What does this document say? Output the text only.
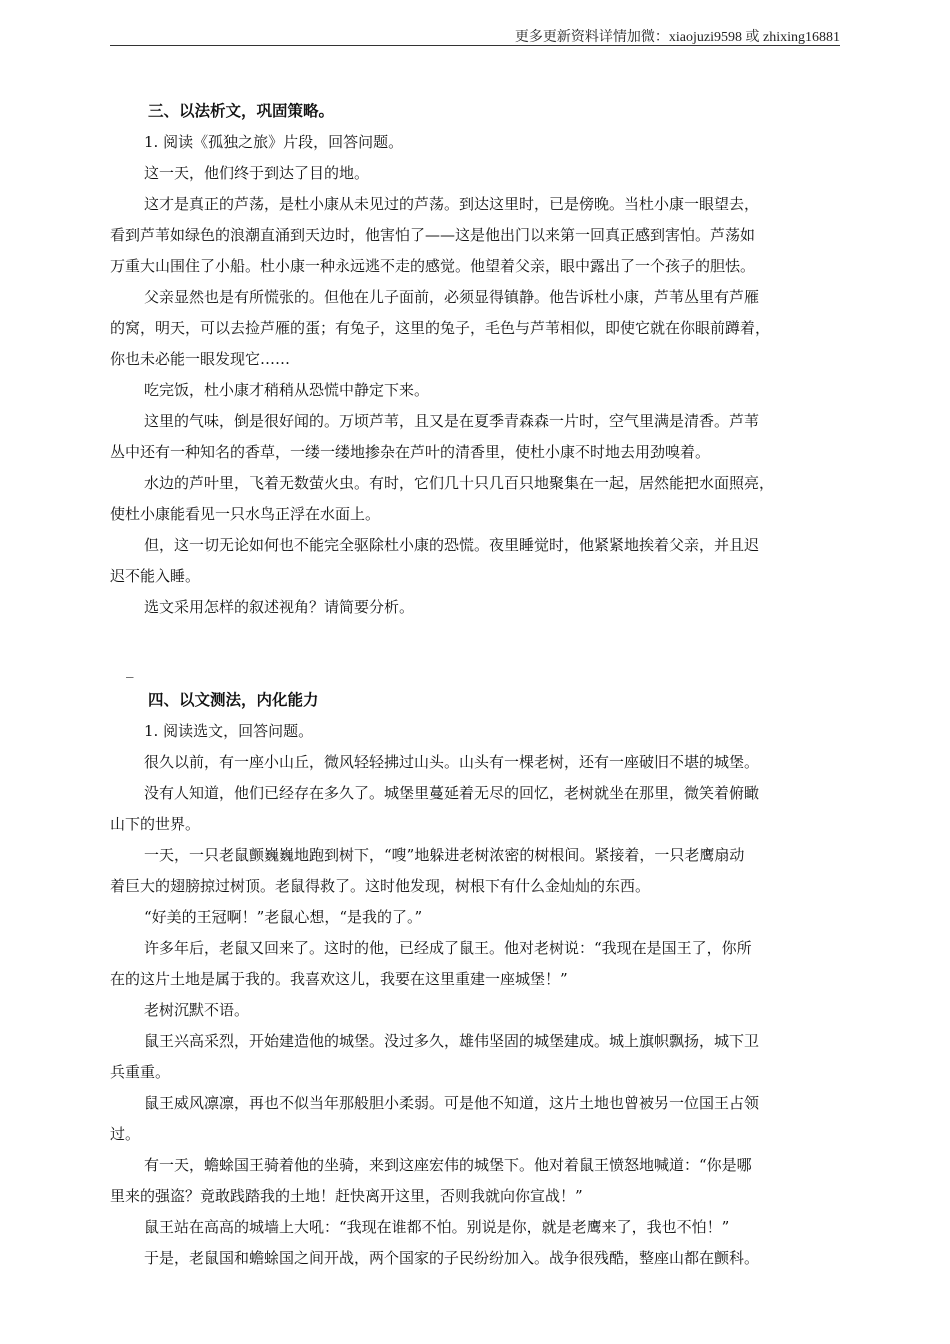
更多更新资料详情加微：xiaojuzi9598 或 zhixing16881
三、以法析文，巩固策略。
1. 阅读《孤独之旅》片段，回答问题。
这一天，他们终于到达了目的地。
这才是真正的芦荡，是杜小康从未见过的芦荡。到达这里时，已是傍晚。当杜小康一眼望去，
看到芦苇如绿色的浪潮直涌到天边时，他害怕了——这是他出门以来第一回真正感到害怕。芦荡如
万重大山围住了小船。杜小康一种永远逃不走的感觉。他望着父亲，眼中露出了一个孩子的胆怯。
父亲显然也是有所慌张的。但他在儿子面前，必须显得镇静。他告诉杜小康，芦苇丛里有芦雁
的窝，明天，可以去捡芦雁的蛋；有兔子，这里的兔子，毛色与芦苇相似，即使它就在你眼前蹲着，
你也未必能一眼发现它……
吃完饭，杜小康才稍稍从恐慌中静定下来。
这里的气味，倒是很好闻的。万顷芦苇，且又是在夏季青森森一片时，空气里满是清香。芦苇
丛中还有一种知名的香草，一缕一缕地掺杂在芦叶的清香里，使杜小康不时地去用劲嗅着。
水边的芦叶里，飞着无数萤火虫。有时，它们几十只几百只地聚集在一起，居然能把水面照亮，
使杜小康能看见一只水鸟正浮在水面上。
但，这一切无论如何也不能完全驱除杜小康的恐慌。夜里睡觉时，他紧紧地挨着父亲，并且迟
迟不能入睡。
选文采用怎样的叙述视角？请简要分析。
_
四、以文测法，内化能力
1. 阅读选文，回答问题。
很久以前，有一座小山丘，微风轻轻拂过山头。山头有一棵老树，还有一座破旧不堪的城堡。
没有人知道，他们已经存在多久了。城堡里蔓延着无尽的回忆，老树就坐在那里，微笑着俯瞰
山下的世界。
一天，一只老鼠颤巍巍地跑到树下，“嗖”地躲进老树浓密的树根间。紧接着，一只老鹰扇动
着巨大的翅膀掠过树顶。老鼠得救了。这时他发现，树根下有什么金灿灿的东西。
“好美的王冠啊！”老鼠心想，“是我的了。”
许多年后，老鼠又回来了。这时的他，已经成了鼠王。他对老树说：“我现在是国王了，你所
在的这片土地是属于我的。我喜欢这儿，我要在这里重建一座城堡！”
老树沉默不语。
鼠王兴高采烈，开始建造他的城堡。没过多久，雄伟坚固的城堡建成。城上旗帜飘扬，城下卫
兵重重。
鼠王威风凛凛，再也不似当年那般胆小柔弱。可是他不知道，这片土地也曾被另一位国王占领
过。
有一天，蟾蜍国王骑着他的坐骑，来到这座宏伟的城堡下。他对着鼠王愤怒地喊道：“你是哪
里来的强盗？竟敢践踏我的土地！赶快离开这里，否则我就向你宣战！”
鼠王站在高高的城墙上大吼：“我现在谁都不怕。别说是你，就是老鹰来了，我也不怕！”
于是，老鼠国和蟾蜍国之间开战，两个国家的子民纷纷加入。战争很残酷，整座山都在颤科。
